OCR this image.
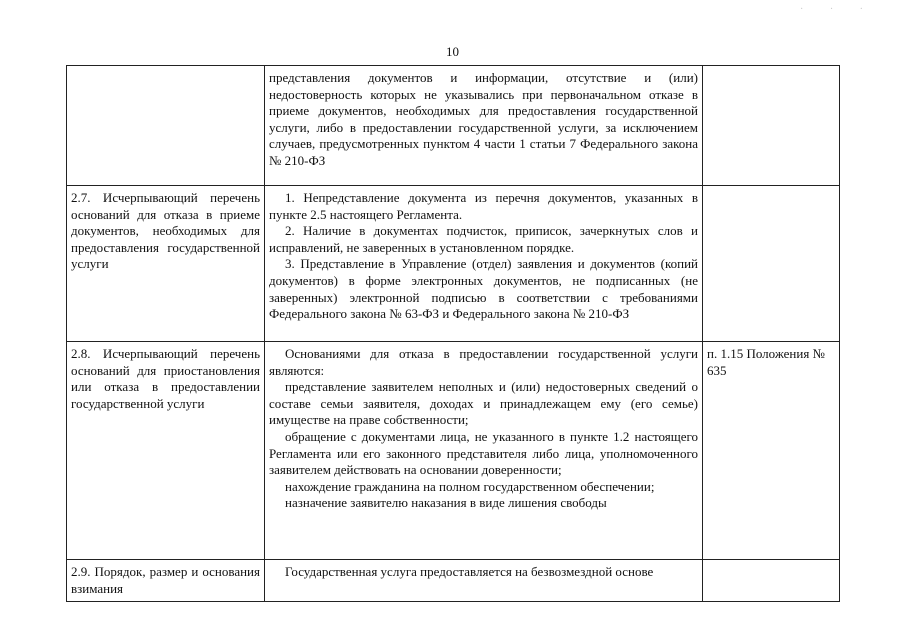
· · ·
10

	представления документов и информации, отсутствие и (или) недостоверность которых не указывались при первоначальном отказе в приеме документов, необходимых для предоставления государственной услуги, либо в предоставлении государственной услуги, за исключением случаев, предусмотренных пунктом 4 части 1 статьи 7 Федерального закона № 210-ФЗ	

2.7. Исчерпывающий перечень оснований для отказа в приеме документов, необходимых для предоставления государственной услуги	1. Непредставление документа из перечня документов, указанных в пункте 2.5 настоящего Регламента.

2. Наличие в документах подчисток, приписок, зачеркнутых слов и исправлений, не заверенных в установленном порядке.

3. Представление в Управление (отдел) заявления и документов (копий документов) в форме электронных документов, не подписанных (не заверенных) электронной подписью в соответствии с требованиями Федерального закона № 63-ФЗ и Федерального закона № 210-ФЗ	

2.8. Исчерпывающий перечень оснований для приостановления или отказа в предоставлении государственной услуги	Основаниями для отказа в предоставлении государственной услуги являются:

представление заявителем неполных и (или) недостоверных сведений о составе семьи заявителя, доходах и принадлежащем ему (его семье) имуществе на праве собственности;

обращение с документами лица, не указанного в пункте 1.2 настоящего Регламента или его законного представителя либо лица, уполномоченного заявителем действовать на основании доверенности;

нахождение гражданина на полном государственном обеспечении;

назначение заявителю наказания в виде лишения свободы	п. 1.15 Положения № 635
2.9. Порядок, размер и основания взимания	Государственная услуга предоставляется на безвозмездной основе	
